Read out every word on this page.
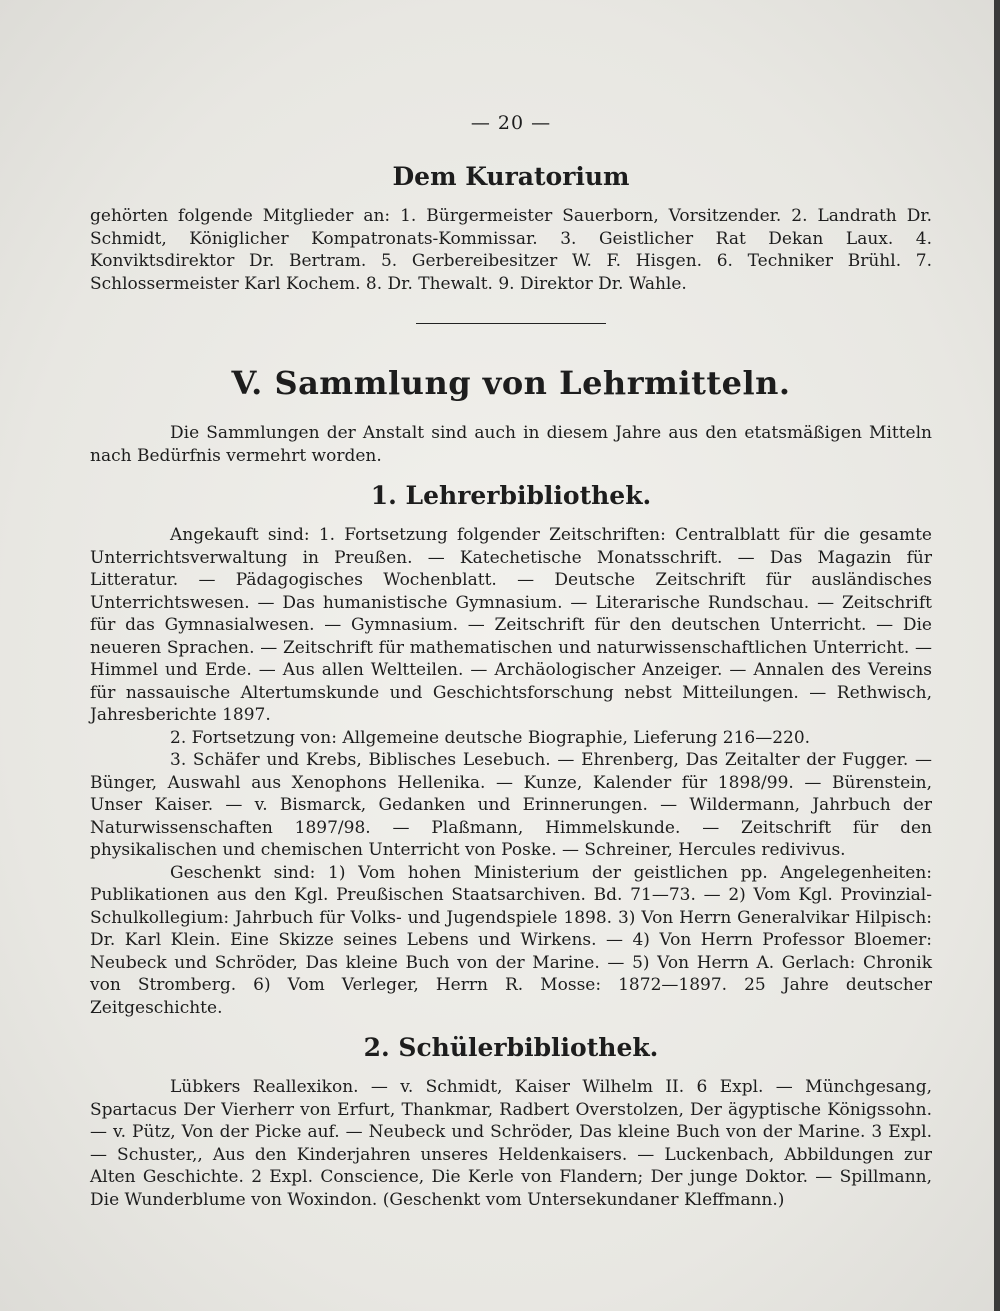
— 20 —
Dem Kuratorium

gehörten folgende Mitglieder an: 1. Bürgermeister Sauerborn, Vorsitzender. 2. Landrath Dr. Schmidt, Königlicher Kompatronats-Kommissar. 3. Geistlicher Rat Dekan Laux. 4. Konviktsdirektor Dr. Bertram. 5. Gerbereibesitzer W. F. Hisgen. 6. Techniker Brühl. 7. Schlossermeister Karl Kochem. 8. Dr. Thewalt. 9. Direktor Dr. Wahle.

V. Sammlung von Lehrmitteln.

Die Sammlungen der Anstalt sind auch in diesem Jahre aus den etatsmäßigen Mitteln nach Bedürfnis vermehrt worden.

1. Lehrerbibliothek.

Angekauft sind: 1. Fortsetzung folgender Zeitschriften: Centralblatt für die gesamte Unterrichtsverwaltung in Preußen. — Katechetische Monatsschrift. — Das Magazin für Litteratur. — Pädagogisches Wochenblatt. — Deutsche Zeitschrift für ausländisches Unterrichtswesen. — Das humanistische Gymnasium. — Literarische Rundschau. — Zeitschrift für das Gymnasialwesen. — Gymnasium. — Zeitschrift für den deutschen Unterricht. — Die neueren Sprachen. — Zeitschrift für mathematischen und naturwissenschaftlichen Unterricht. — Himmel und Erde. — Aus allen Weltteilen. — Archäologischer Anzeiger. — Annalen des Vereins für nassauische Altertumskunde und Geschichtsforschung nebst Mitteilungen. — Rethwisch, Jahresberichte 1897.

2. Fortsetzung von: Allgemeine deutsche Biographie, Lieferung 216—220.

3. Schäfer und Krebs, Biblisches Lesebuch. — Ehrenberg, Das Zeitalter der Fugger. — Bünger, Auswahl aus Xenophons Hellenika. — Kunze, Kalender für 1898/99. — Bürenstein, Unser Kaiser. — v. Bismarck, Gedanken und Erinnerungen. — Wildermann, Jahrbuch der Naturwissenschaften 1897/98. — Plaßmann, Himmelskunde. — Zeitschrift für den physikalischen und chemischen Unterricht von Poske. — Schreiner, Hercules redivivus.

Geschenkt sind: 1) Vom hohen Ministerium der geistlichen pp. Angelegenheiten: Publikationen aus den Kgl. Preußischen Staatsarchiven. Bd. 71—73. — 2) Vom Kgl. Provinzial-Schulkollegium: Jahrbuch für Volks- und Jugendspiele 1898. 3) Von Herrn Generalvikar Hilpisch: Dr. Karl Klein. Eine Skizze seines Lebens und Wirkens. — 4) Von Herrn Professor Bloemer: Neubeck und Schröder, Das kleine Buch von der Marine. — 5) Von Herrn A. Gerlach: Chronik von Stromberg. 6) Vom Verleger, Herrn R. Mosse: 1872—1897. 25 Jahre deutscher Zeitgeschichte.

2. Schülerbibliothek.

Lübkers Reallexikon. — v. Schmidt, Kaiser Wilhelm II. 6 Expl. — Münchgesang, Spartacus Der Vierherr von Erfurt, Thankmar, Radbert Overstolzen, Der ägyptische Königssohn. — v. Pütz, Von der Picke auf. — Neubeck und Schröder, Das kleine Buch von der Marine. 3 Expl. — Schuster,, Aus den Kinderjahren unseres Heldenkaisers. — Luckenbach, Abbildungen zur Alten Geschichte. 2 Expl. Conscience, Die Kerle von Flandern; Der junge Doktor. — Spillmann, Die Wunderblume von Woxindon. (Geschenkt vom Untersekundaner Kleffmann.)
